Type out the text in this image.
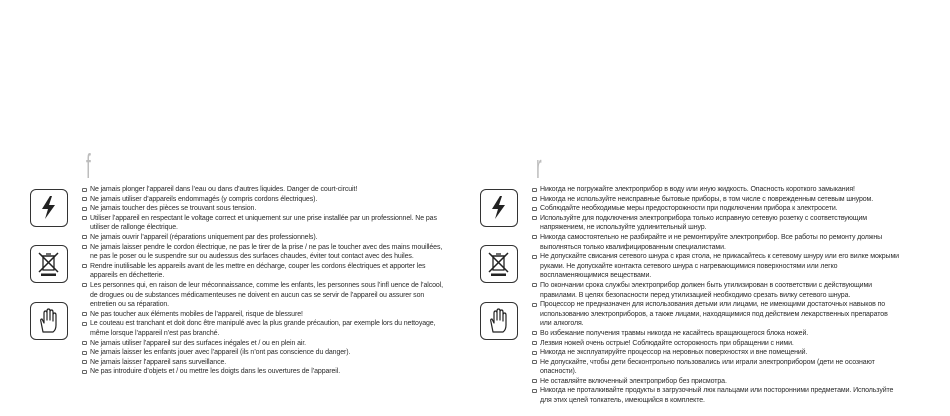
f
Ne jamais plonger l’appareil dans l’eau ou dans d’autres liquides. Danger de court-circuit!
Ne jamais utiliser d’appareils endommagés (y compris cordons électriques).
Ne jamais toucher des pièces se trouvant sous tension.
Utiliser l’appareil en respectant le voltage correct et uniquement sur une prise installée par un professionnel. Ne pas utiliser de rallonge électrique.
Ne jamais ouvrir l’appareil (réparations uniquement par des professionnels).
Ne jamais laisser pendre le cordon électrique, ne pas le tirer de la prise / ne pas le toucher avec des mains mouillées, ne pas le poser ou le suspendre sur ou audessus des surfaces chaudes, éviter tout contact avec des huiles.
Rendre inutilisable les appareils avant de les mettre en décharge, couper les cordons électriques et apporter les appareils en déchetterie.
Les personnes qui, en raison de leur méconnaissance, comme les enfants, les personnes sous l’infl uence de l’alcool, de drogues ou de substances médicamenteuses ne doivent en aucun cas se servir de l’appareil ou assurer son entretien ou sa réparation.
Ne pas toucher aux éléments mobiles de l’appareil, risque de blessure!
Le couteau est tranchant et doit donc être manipulé avec la plus grande précaution, par exemple lors du nettoyage, même lorsque l’appareil n’est pas branché.
Ne jamais utiliser l’appareil sur des surfaces inégales et / ou en plein air.
Ne jamais laisser les enfants jouer avec l’appareil (ils n’ont pas conscience du danger).
Ne jamais laisser l’appareil sans surveillance.
Ne pas introduire d’objets et / ou mettre les doigts dans les ouvertures de l’appareil.
r
Никогда не погружайте электроприбор в воду или иную жидкость. Опасность короткого замыкания!
Никогда не используйте неисправные бытовые приборы, в том числе с поврежденным сетевым шнуром.
Соблюдайте необходимые меры предосторожности при подключении прибора к электросети.
Используйте для подключения электроприбора только исправную сетевую розетку с соответствующим напряжением, не используйте удлинительный шнур.
Никогда самостоятельно не разбирайте и не ремонтируйте электроприбор. Все работы по ремонту должны выполняться только квалифицированным специалистами.
Не допускайте свисания сетевого шнура с края стола, не прикасайтесь к сетевому шнуру или его вилке мокрыми руками. Не допускайте контакта сетевого шнура с нагревающимися поверхностями или легко воспламеняющимися веществами.
По окончании срока службы электроприбор должен быть утилизирован в соответствии с действующими правилами. В целях безопасности перед утилизацией необходимо срезать вилку сетевого шнура.
Процессор не предназначен для использования детьми или лицами, не имеющими достаточных навыков по использованию электроприборов, а также лицами, находящимися под действием лекарственных препаратов или алкоголя.
Во избежание получения травмы никогда не касайтесь вращающегося блока ножей.
Лезвия ножей очень острые! Соблюдайте осторожность при обращении с ними.
Никогда не эксплуатируйте процессор на неровных поверхностях и вне помещений.
Не допускайте, чтобы дети бесконтрольно пользовались или играли электроприбором (дети не осознают опасности).
Не оставляйте включенный электроприбор без присмотра.
Никогда не проталкивайте продукты в загрузочный люк пальцами или посторонними предметами. Используйте для этих целей толкатель, имеющийся в комплекте.
